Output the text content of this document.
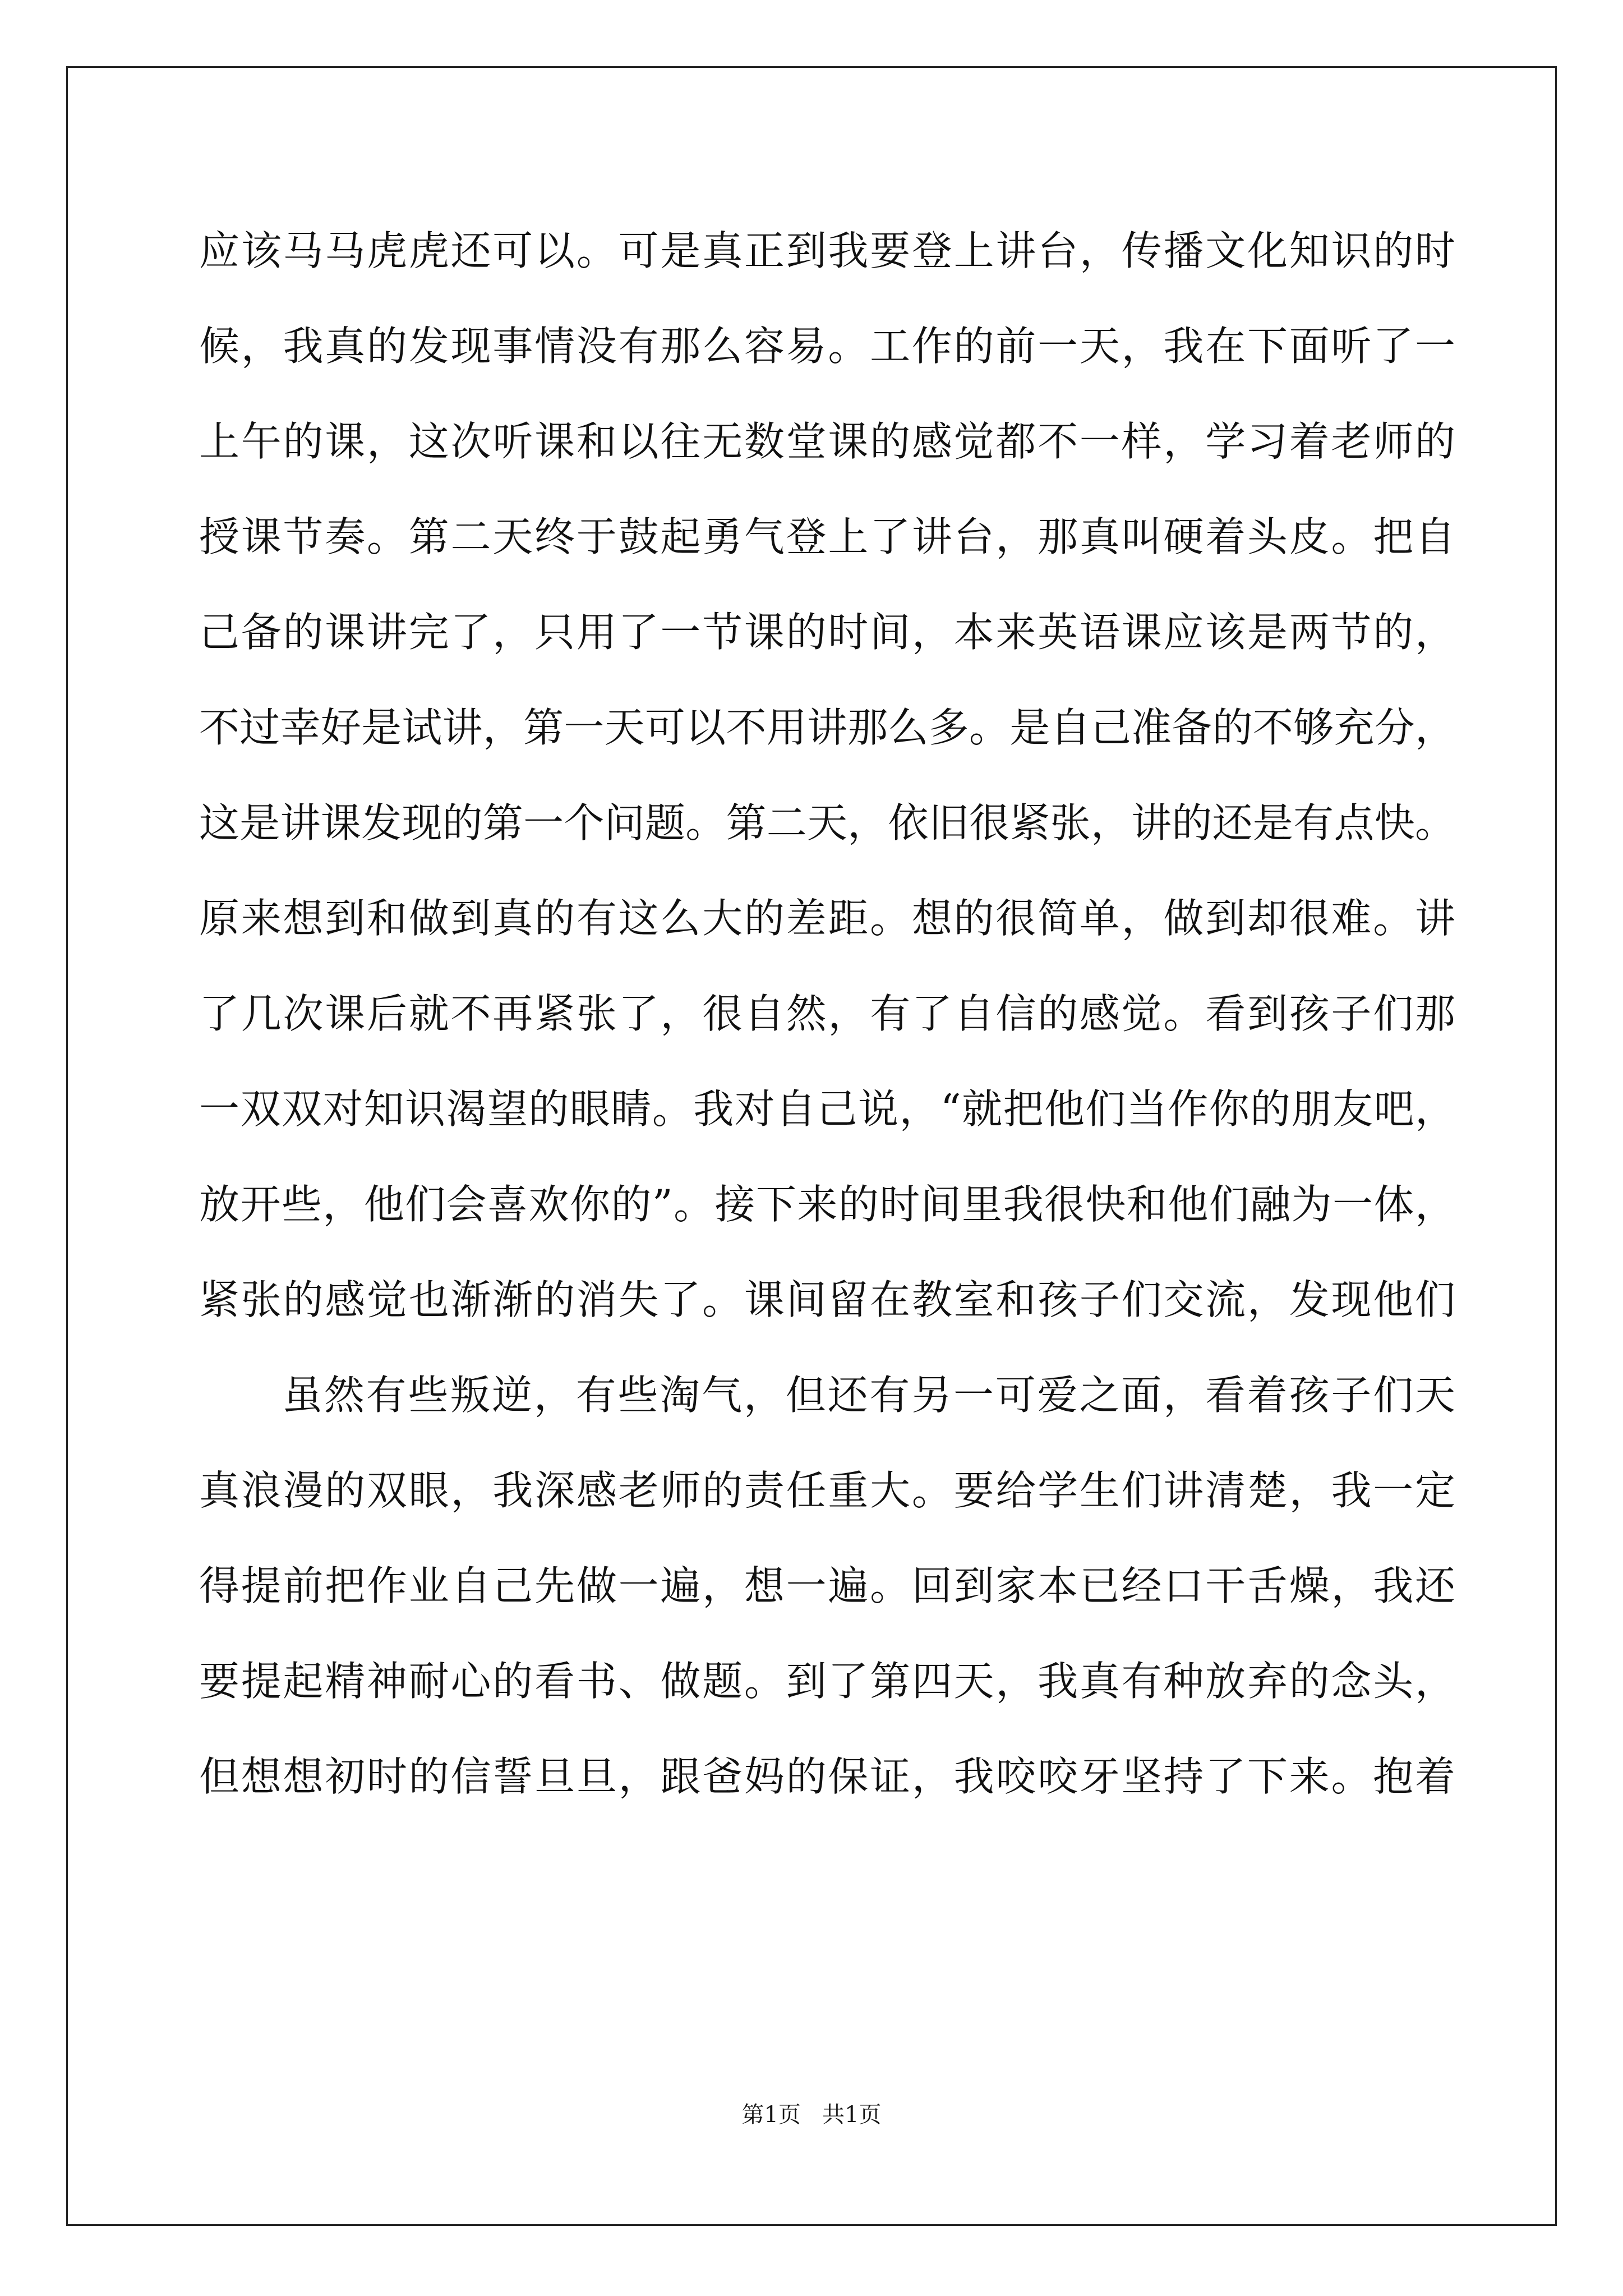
应该马马虎虎还可以。可是真正到我要登上讲台，传播文化知识的时
候，我真的发现事情没有那么容易。工作的前一天，我在下面听了一
上午的课，这次听课和以往无数堂课的感觉都不一样，学习着老师的
授课节奏。第二天终于鼓起勇气登上了讲台，那真叫硬着头皮。把自
己备的课讲完了，只用了一节课的时间，本来英语课应该是两节的，
不过幸好是试讲，第一天可以不用讲那么多。是自己准备的不够充分，
这是讲课发现的第一个问题。第二天，依旧很紧张，讲的还是有点快。
原来想到和做到真的有这么大的差距。想的很简单，做到却很难。讲
了几次课后就不再紧张了，很自然，有了自信的感觉。看到孩子们那
一双双对知识渴望的眼睛。我对自己说，“就把他们当作你的朋友吧，
放开些，他们会喜欢你的”。接下来的时间里我很快和他们融为一体，
紧张的感觉也渐渐的消失了。课间留在教室和孩子们交流，发现他们
虽然有些叛逆，有些淘气，但还有另一可爱之面，看着孩子们天
真浪漫的双眼，我深感老师的责任重大。要给学生们讲清楚，我一定
得提前把作业自己先做一遍，想一遍。回到家本已经口干舌燥，我还
要提起精神耐心的看书、做题。到了第四天，我真有种放弃的念头，
但想想初时的信誓旦旦，跟爸妈的保证，我咬咬牙坚持了下来。抱着
第1页   共1页
